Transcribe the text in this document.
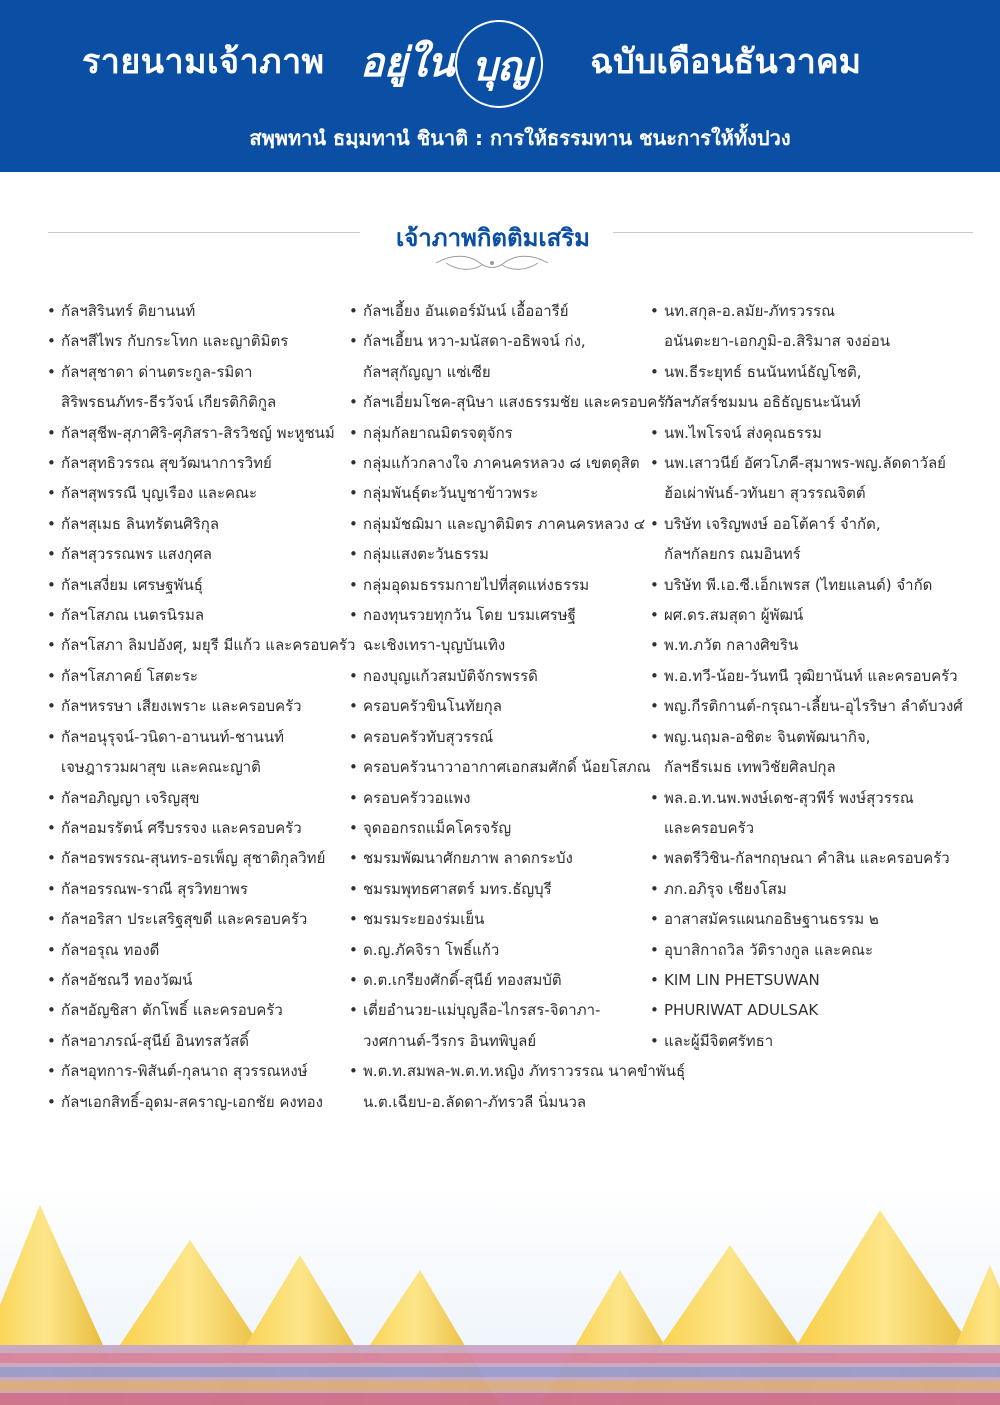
รายนามเจ้าภาพ อยู่ใน บุญ ฉบับเดือนธันวาคม
สพฺพทานํ ธมฺมทานํ ชินาติ : การให้ธรรมทาน ชนะการให้ทั้งปวง
เจ้าภาพกิตติมเสริม
• กัลฯสิรินทร์ ติยานนท์
• กัลฯสีไพร กับกระโทก และญาติมิตร
• กัลฯสุชาดา ด่านตระกูล-รมิดา
สิริพรธนภัทร-ธีรวัจน์ เกียรติกิติกูล
• กัลฯสุชีพ-สุภาศิริ-ศุภิสรา-สิรวิชญ์ พะหูชนม์
• กัลฯสุทธิวรรณ สุขวัฒนาการวิทย์
• กัลฯสุพรรณี บุญเรือง และคณะ
• กัลฯสุเมธ ลินทรัตนศิริกุล
• กัลฯสุวรรณพร แสงกุศล
• กัลฯเสงี่ยม เศรษฐพันธุ์
• กัลฯโสภณ เนตรนิรมล
• กัลฯโสภา ลิมปอังศุ, มยุรี มีแก้ว และครอบครัว
• กัลฯโสภาคย์ โสตะระ
• กัลฯหรรษา เสียงเพราะ และครอบครัว
• กัลฯอนุรุจน์-วนิดา-อานนท์-ชานนท์
เจษฎารวมผาสุข และคณะญาติ
• กัลฯอภิญญา เจริญสุข
• กัลฯอมรรัตน์ ศรีบรรจง และครอบครัว
• กัลฯอรพรรณ-สุนทร-อรเพ็ญ สุชาติกุลวิทย์
• กัลฯอรรณพ-ราณี สุรวิทยาพร
• กัลฯอริสา ประเสริฐสุขดี และครอบครัว
• กัลฯอรุณ ทองดี
• กัลฯอัชณวี ทองวัฒน์
• กัลฯอัญชิสา ตักโพธิ์ และครอบครัว
• กัลฯอาภรณ์-สุนีย์ อินทรสวัสดิ์
• กัลฯอุทการ-พิสันต์-กุลนาถ สุวรรณหงษ์
• กัลฯเอกสิทธิ์-อุดม-สคราญ-เอกชัย คงทอง
• กัลฯเอี้ยง อันเดอร์มันน์ เอื้ออารีย์
• กัลฯเอี้ยน หวา-มนัสดา-อธิพจน์ ก่ง,
กัลฯสุกัญญา แซ่เซีย
• กัลฯเอี่ยมโชค-สุนิษา แสงธรรมชัย และครอบครัว
• กลุ่มกัลยาณมิตรจตุจักร
• กลุ่มแก้วกลางใจ ภาคนครหลวง ๘ เขตดุสิต
• กลุ่มพันธุ์ตะวันบูชาข้าวพระ
• กลุ่มมัชฌิมา และญาติมิตร ภาคนครหลวง ๔
• กลุ่มแสงตะวันธรรม
• กลุ่มอุดมธรรมกายไปที่สุดแห่งธรรม
• กองทุนรวยทุกวัน โดย บรมเศรษฐี
ฉะเชิงเทรา-บุญบันเทิง
• กองบุญแก้วสมบัติจักรพรรดิ
• ครอบครัวขินโนทัยกุล
• ครอบครัวทับสุวรรณ์
• ครอบครัวนาวาอากาศเอกสมศักดิ์ น้อยโสภณ
• ครอบครัววอแพง
• จุดออกรถแม็คโครจรัญ
• ชมรมพัฒนาศักยภาพ ลาดกระบัง
• ชมรมพุทธศาสตร์ มทร.ธัญบุรี
• ชมรมระยองร่มเย็น
• ด.ญ.ภัคจิรา โพธิ์แก้ว
• ด.ต.เกรียงศักดิ์-สุนีย์ ทองสมบัติ
• เตี่ยอำนวย-แม่บุญลือ-ไกรสร-จิดาภา-
วงศกานต์-วีรกร อินทพิบูลย์
• พ.ต.ท.สมพล-พ.ต.ท.หญิง ภัทราวรรณ นาคขำพันธุ์
น.ต.เฉียบ-อ.ลัดดา-ภัทรวลี นิ่มนวล
• นท.สกุล-อ.ลมัย-ภัทรวรรณ
อนันตะยา-เอกภูมิ-อ.สิริมาส จงอ่อน
• นพ.ธีระยุทธ์ ธนนันทน์ธัญโชติ,
กัลฯภัสร์ชมมน อธิธัญธนะนันท์
• นพ.ไพโรจน์ ส่งคุณธรรม
• นพ.เสาวนีย์ อัศวโภคี-สุมาพร-พญ.ลัดดาวัลย์
ฮ้อเผ่าพันธ์-วทันยา สุวรรณจิตต์
• บริษัท เจริญพงษ์ ออโต้คาร์ จำกัด,
กัลฯกัลยกร ณมอินทร์
• บริษัท พี.เอ.ซี.เอ็กเพรส (ไทยแลนด์) จำกัด
• ผศ.ดร.สมสุดา ผู้พัฒน์
• พ.ท.ภวัต กลางศิขริน
• พ.อ.ทวี-น้อย-วันทนี วุฒิยานันท์ และครอบครัว
• พญ.กีรติกานต์-กรุณา-เลี้ยน-อุไรริษา ลำดับวงศ์
• พญ.นฤมล-อชิตะ จินตพัฒนากิจ,
กัลฯธีรเมธ เทพวิชัยศิลปกุล
• พล.อ.ท.นพ.พงษ์เดช-สุวพีร์ พงษ์สุวรรณ
และครอบครัว
• พลตรีวิชิน-กัลฯกฤษณา คำสิน และครอบครัว
• ภก.อภิรุจ เชียงโสม
• อาสาสมัครแผนกอธิษฐานธรรม ๒
• อุบาสิกาถวิล วัติรางกูล และคณะ
• KIM LIN PHETSUWAN
• PHURIWAT ADULSAK
• และผู้มีจิตศรัทธา
